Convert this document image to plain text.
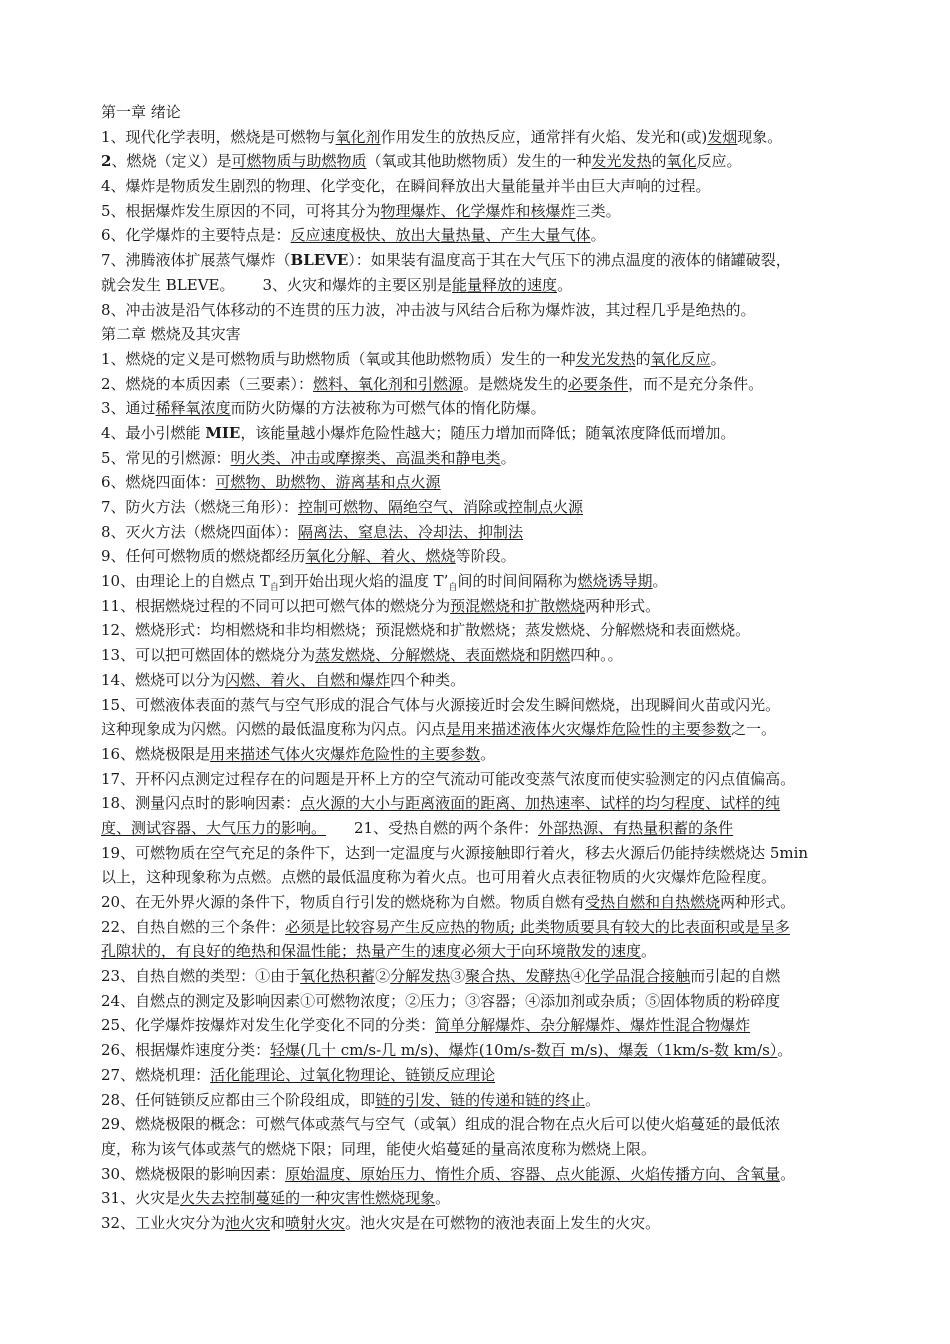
第一章 绪论
1、现代化学表明，燃烧是可燃物与氧化剂作用发生的放热反应，通常拌有火焰、发光和(或)发烟现象。
2、燃烧（定义）是可燃物质与助燃物质（氧或其他助燃物质）发生的一种发光发热的氧化反应。
4、爆炸是物质发生剧烈的物理、化学变化，在瞬间释放出大量能量并半由巨大声响的过程。
5、根据爆炸发生原因的不同，可将其分为物理爆炸、化学爆炸和核爆炸三类。
6、化学爆炸的主要特点是：反应速度极快、放出大量热量、产生大量气体。
7、沸腾液体扩展蒸气爆炸（BLEVE）：如果装有温度高于其在大气压下的沸点温度的液体的储罐破裂，
就会发生 BLEVE。 3、火灾和爆炸的主要区别是能量释放的速度。
8、冲击波是沿气体移动的不连贯的压力波，冲击波与风结合后称为爆炸波，其过程几乎是绝热的。
第二章 燃烧及其灾害
1、燃烧的定义是可燃物质与助燃物质（氧或其他助燃物质）发生的一种发光发热的氧化反应。
2、燃烧的本质因素（三要素）：燃料、氧化剂和引燃源。是燃烧发生的必要条件，而不是充分条件。
3、通过稀释氧浓度而防火防爆的方法被称为可燃气体的惰化防爆。
4、最小引燃能 MIE，该能量越小爆炸危险性越大；随压力增加而降低；随氧浓度降低而增加。
5、常见的引燃源：明火类、冲击或摩擦类、高温类和静电类。
6、燃烧四面体：可燃物、助燃物、游离基和点火源
7、防火方法（燃烧三角形）：控制可燃物、隔绝空气、消除或控制点火源
8、灭火方法（燃烧四面体）：隔离法、窒息法、冷却法、抑制法
9、任何可燃物质的燃烧都经历氧化分解、着火、燃烧等阶段。
10、由理论上的自燃点 $T_自$到开始出现火焰的温度 $T’_自$间的时间间隔称为燃烧诱导期。
11、根据燃烧过程的不同可以把可燃气体的燃烧分为预混燃烧和扩散燃烧两种形式。
12、燃烧形式：均相燃烧和非均相燃烧；预混燃烧和扩散燃烧；蒸发燃烧、分解燃烧和表面燃烧。
13、可以把可燃固体的燃烧分为蒸发燃烧、分解燃烧、表面燃烧和阴燃四种。。
14、燃烧可以分为闪燃、着火、自燃和爆炸四个种类。
15、可燃液体表面的蒸气与空气形成的混合气体与火源接近时会发生瞬间燃烧，出现瞬间火苗或闪光。
这种现象成为闪燃。闪燃的最低温度称为闪点。闪点是用来描述液体火灾爆炸危险性的主要参数之一。
16、燃烧极限是用来描述气体火灾爆炸危险性的主要参数。
17、开杯闪点测定过程存在的问题是开杯上方的空气流动可能改变蒸气浓度而使实验测定的闪点值偏高。
18、测量闪点时的影响因素：点火源的大小与距离液面的距离、加热速率、试样的均匀程度、试样的纯
度、测试容器、大气压力的影响。 21、受热自燃的两个条件：外部热源、有热量积蓄的条件
19、可燃物质在空气充足的条件下，达到一定温度与火源接触即行着火，移去火源后仍能持续燃烧达 5min
以上，这种现象称为点燃。点燃的最低温度称为着火点。也可用着火点表征物质的火灾爆炸危险程度。
20、在无外界火源的条件下，物质自行引发的燃烧称为自燃。物质自燃有受热自燃和自热燃烧两种形式。
22、自热自燃的三个条件：必须是比较容易产生反应热的物质; 此类物质要具有较大的比表面积或是呈多
孔隙状的，有良好的绝热和保温性能；热量产生的速度必须大于向环境散发的速度。
23、自热自燃的类型：①由于氧化热积蓄②分解发热③聚合热、发酵热④化学品混合接触而引起的自燃
24、自燃点的测定及影响因素①可燃物浓度；②压力；③容器；④添加剂或杂质；⑤固体物质的粉碎度
25、化学爆炸按爆炸对发生化学变化不同的分类：简单分解爆炸、杂分解爆炸、爆炸性混合物爆炸
26、根据爆炸速度分类：轻爆(几十 cm/s-几 m/s)、爆炸(10m/s-数百 m/s)、爆轰（1km/s-数 km/s）。
27、燃烧机理：活化能理论、过氧化物理论、链锁反应理论
28、任何链锁反应都由三个阶段组成，即链的引发、链的传递和链的终止。
29、燃烧极限的概念：可燃气体或蒸气与空气（或氧）组成的混合物在点火后可以使火焰蔓延的最低浓
度，称为该气体或蒸气的燃烧下限；同理，能使火焰蔓延的量高浓度称为燃烧上限。
30、燃烧极限的影响因素：原始温度、原始压力、惰性介质、容器、点火能源、火焰传播方向、含氧量。
31、火灾是火失去控制蔓延的一种灾害性燃烧现象。
32、工业火灾分为池火灾和喷射火灾。池火灾是在可燃物的液池表面上发生的火灾。
